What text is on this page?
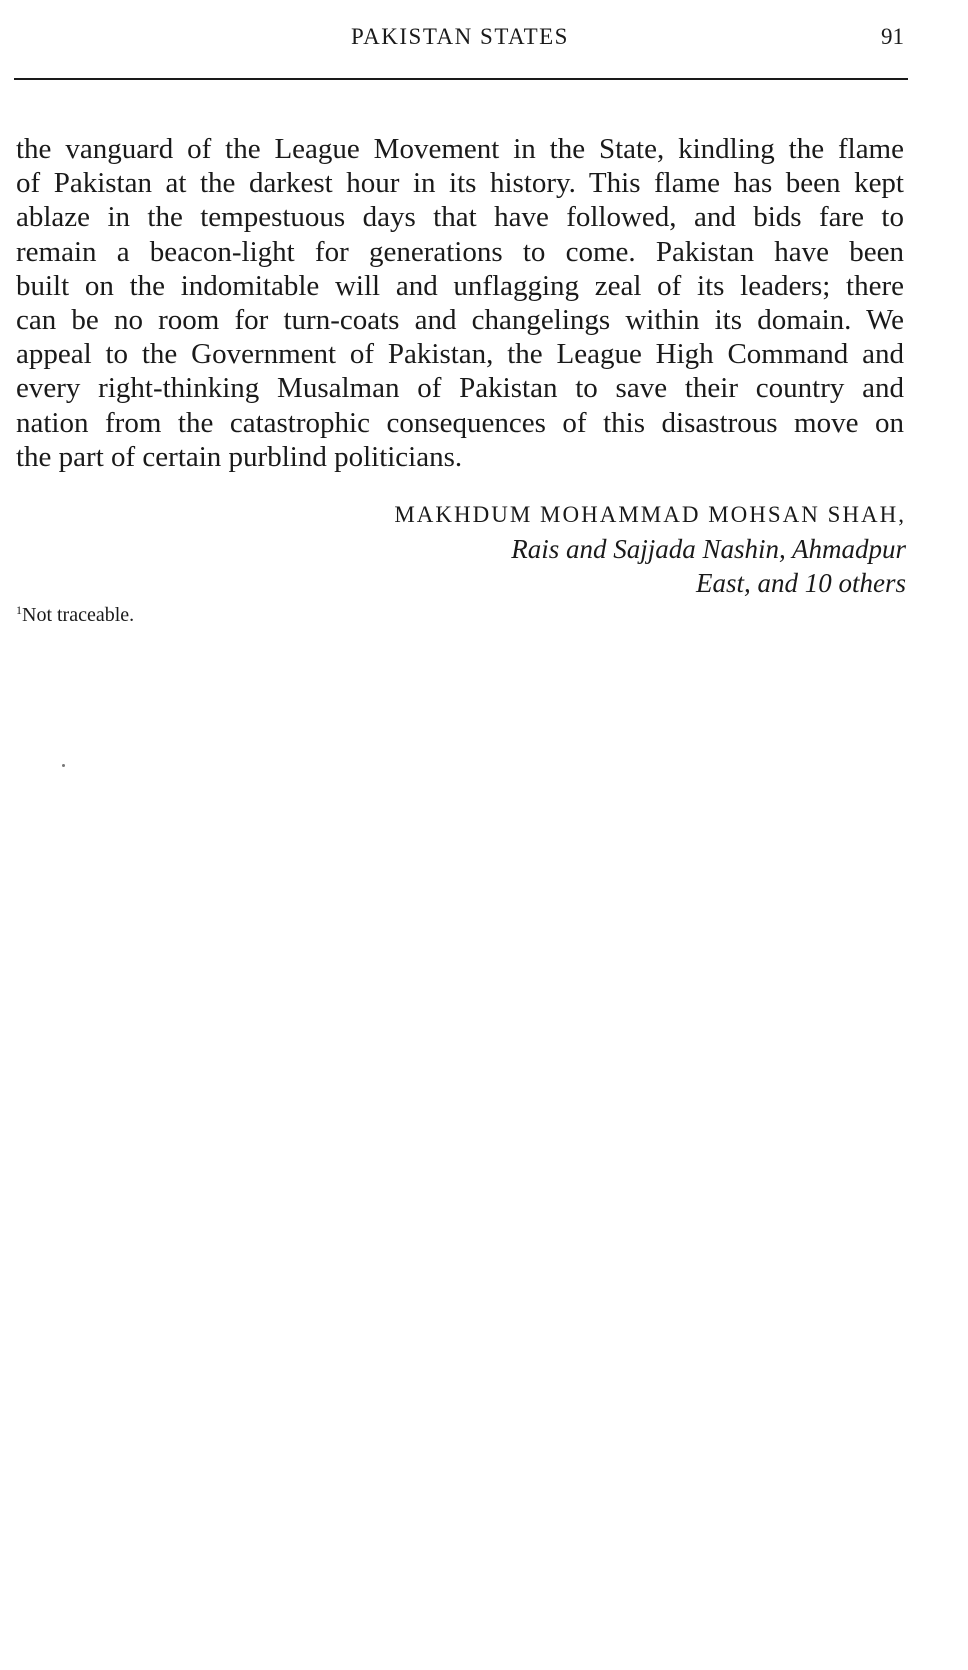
PAKISTAN STATES	91

the vanguard of the League Movement in the State, kindling the flame
of Pakistan at the darkest hour in its history. This flame has been kept
ablaze in the tempestuous days that have followed, and bids fare to
remain a beacon-light for generations to come. Pakistan have been
built on the indomitable will and unflagging zeal of its leaders; there
can be no room for turn-coats and changelings within its domain. We
appeal to the Government of Pakistan, the League High Command and
every right-thinking Musalman of Pakistan to save their country and
nation from the catastrophic consequences of this disastrous move on
the part of certain purblind politicians.

MAKHDUM MOHAMMAD MOHSAN SHAH,
Rais and Sajjada Nashin, Ahmadpur
East, and 10 others
$^1$Not traceable.
